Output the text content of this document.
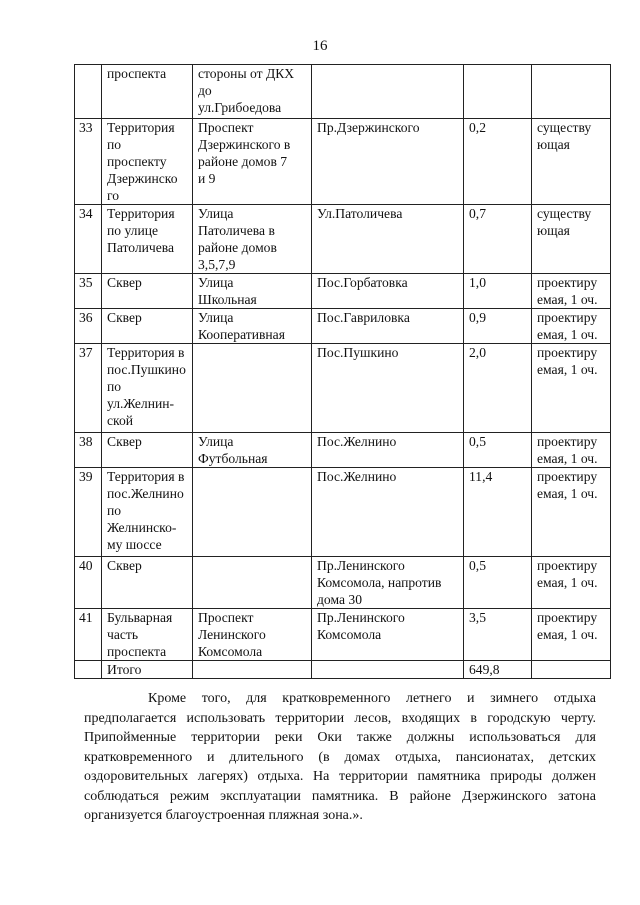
16

	проспекта	стороны от ДКХ
до
ул.Грибоедова			

33	Территория
по
проспекту
Дзержинско
го	Проспект
Дзержинского в
районе домов 7
и 9	Пр.Дзержинского	0,2	существу
ющая

34	Территория
по улице
Патоличева	Улица
Патоличева в
районе домов
3,5,7,9	Ул.Патоличева	0,7	существу
ющая

35	Сквер	Улица
Школьная	Пос.Горбатовка	1,0	проектиру
емая, 1 оч.

36	Сквер	Улица
Кооперативная	Пос.Гавриловка	0,9	проектиру
емая, 1 оч.

37	Территория в
пос.Пушкино
по
ул.Желнин-
ской		Пос.Пушкино	2,0	проектиру
емая, 1 оч.

38	Сквер	Улица
Футбольная	Пос.Желнино	0,5	проектиру
емая, 1 оч.

39	Территория в
пос.Желнино
по
Желнинско-
му шоссе		Пос.Желнино	11,4	проектиру
емая, 1 оч.

40	Сквер		Пр.Ленинского
Комсомола, напротив
дома 30	0,5	проектиру
емая, 1 оч.

41	Бульварная
часть
проспекта	Проспект
Ленинского
Комсомола	Пр.Ленинского
Комсомола	3,5	проектиру
емая, 1 оч.

	Итого			649,8	
Кроме того, для кратковременного летнего и зимнего отдыха предполагается использовать территории лесов, входящих в городскую черту. Припойменные территории реки Оки также должны использоваться для кратковременного и длительного (в домах отдыха, пансионатах, детских оздоровительных лагерях) отдыха. На территории памятника природы должен соблюдаться режим эксплуатации памятника. В районе Дзержинского затона организуется благоустроенная пляжная зона.».
